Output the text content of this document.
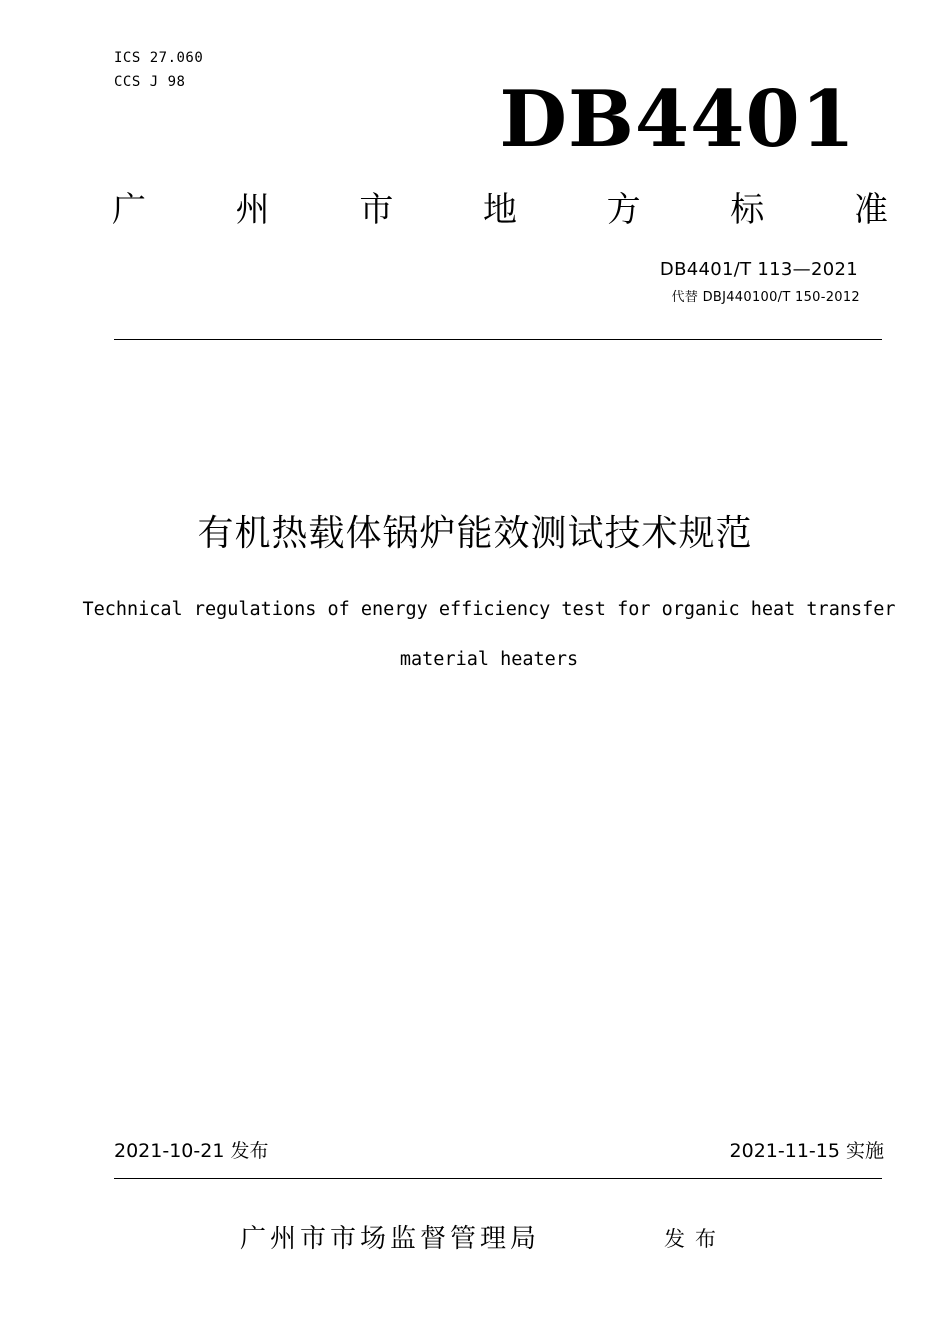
ICS 27.060
CCS J 98	DB4401
广	州	市	地	方	标	准
DB4401/T 113—2021
代替 DBJ440100/T 150-2012
有机热载体锅炉能效测试技术规范
Technical regulations of energy efficiency test for organic heat transfer
material heaters
2021-10-21 发布	2021-11-15 实施
广州市市场监督管理局	发布
